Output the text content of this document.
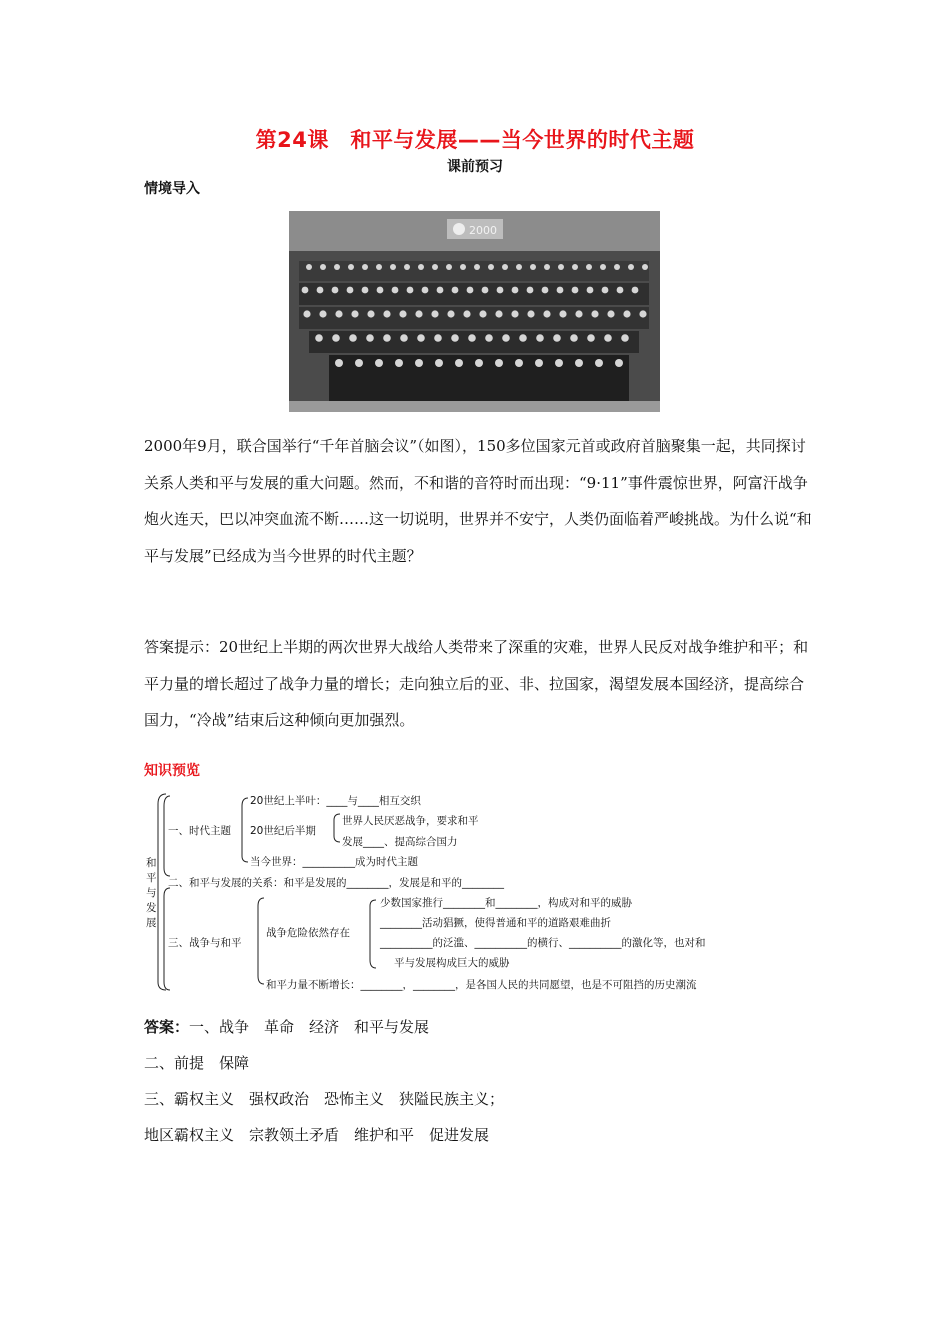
第24课　和平与发展——当今世界的时代主题
课前预习
情境导入
2000

2000年9月，联合国举行“千年首脑会议”（如图），150多位国家元首或政府首脑聚集一起，共同探讨关系人类和平与发展的重大问题。然而，不和谐的音符时而出现：“9·11”事件震惊世界，阿富汗战争炮火连天，巴以冲突血流不断……这一切说明，世界并不安宁，人类仍面临着严峻挑战。为什么说“和平与发展”已经成为当今世界的时代主题？

答案提示：20世纪上半期的两次世界大战给人类带来了深重的灾难，世界人民反对战争维护和平；和平力量的增长超过了战争力量的增长；走向独立后的亚、非、拉国家，渴望发展本国经济，提高综合国力，“冷战”结束后这种倾向更加强烈。

知识预览
和
平
与
发
展
一、时代主题
20世纪上半叶：____与____相互交织
20世纪后半期
世界人民厌恶战争，要求和平
发展____、提高综合国力
当今世界：__________成为时代主题
二、和平与发展的关系：和平是发展的________，发展是和平的________
三、战争与和平
战争危险依然存在
少数国家推行________和________，构成对和平的威胁
________活动猖獗，使得普通和平的道路艰难曲折
__________的泛滥、__________的横行、__________的激化等，也对和
平与发展构成巨大的威胁
和平力量不断增长：________，________，是各国人民的共同愿望，也是不可阻挡的历史潮流
答案：一、战争　革命　经济　和平与发展
二、前提　保障
三、霸权主义　强权政治　恐怖主义　狭隘民族主义；
地区霸权主义　宗教领土矛盾　维护和平　促进发展
